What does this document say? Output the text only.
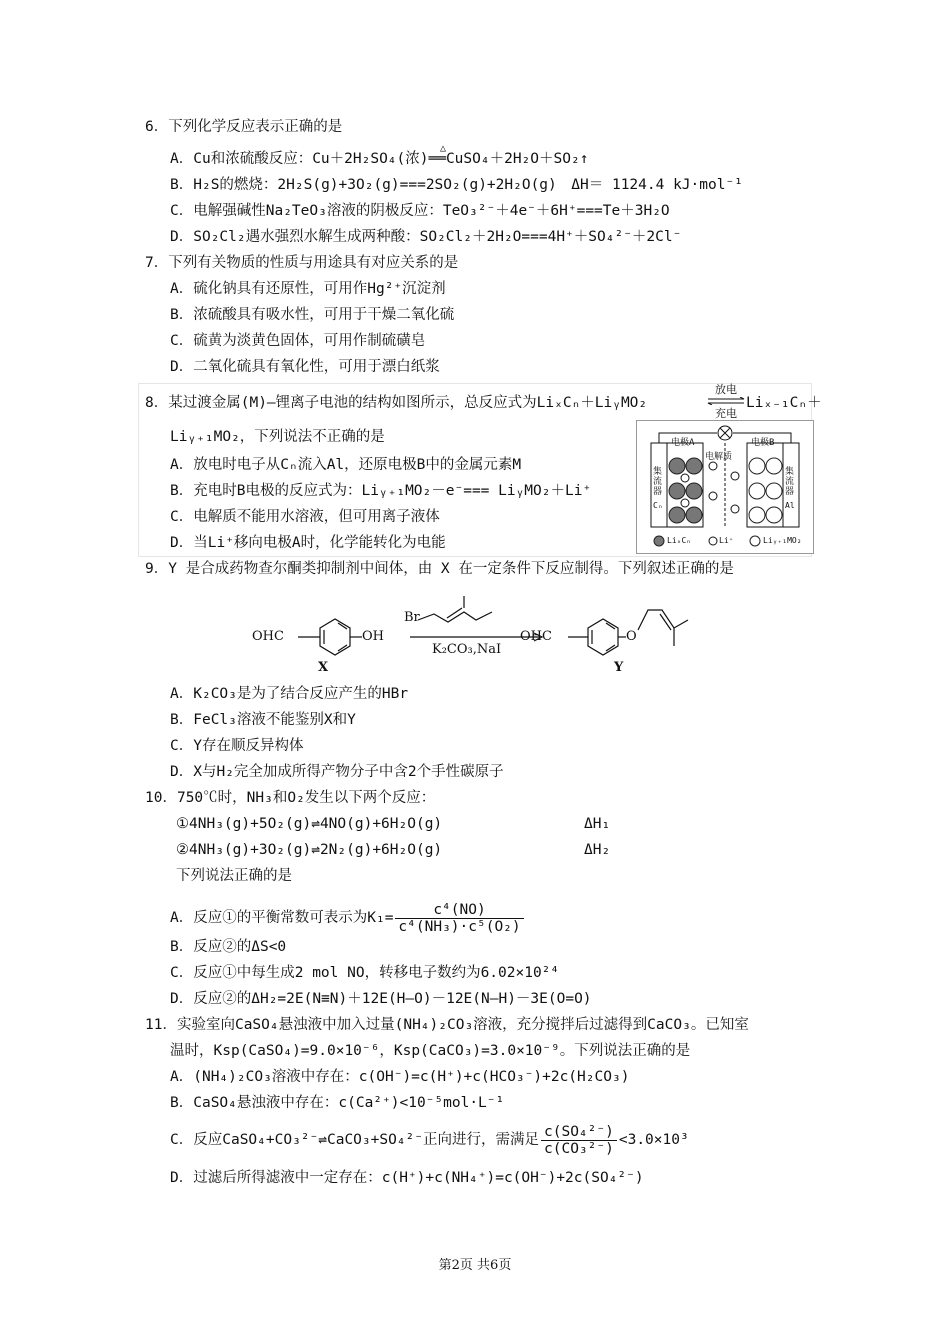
6．下列化学反应表示正确的是
A．Cu和浓硫酸反应：Cu＋2H₂SO₄(浓)══CuSO₄＋2H₂O＋SO₂↑
△
B．H₂S的燃烧：2H₂S(g)+3O₂(g)===2SO₂(g)+2H₂O(g)　ΔH＝ 1124.4 kJ·mol⁻¹
C．电解强碱性Na₂TeO₃溶液的阴极反应：TeO₃²⁻＋4e⁻＋6H⁺===Te＋3H₂O
D．SO₂Cl₂遇水强烈水解生成两种酸：SO₂Cl₂＋2H₂O===4H⁺＋SO₄²⁻＋2Cl⁻
7．下列有关物质的性质与用途具有对应关系的是
A．硫化钠具有还原性，可用作Hg²⁺沉淀剂
B．浓硫酸具有吸水性，可用于干燥二氧化硫
C．硫黄为淡黄色固体，可用作制硫磺皂
D．二氧化硫具有氧化性，可用于漂白纸浆
8．某过渡金属(M)—锂离子电池的结构如图所示，总反应式为LiₓCₙ＋LiᵧMO₂
放电
充电
Liₓ₋₁Cₙ＋
Liᵧ₊₁MO₂，下列说法不正确的是
A．放电时电子从Cₙ流入Al，还原电极B中的金属元素M
B．充电时B电极的反应式为：Liᵧ₊₁MO₂－e⁻=== LiᵧMO₂＋Li⁺
C．电解质不能用水溶液，但可用离子液体
D．当Li⁺移向电极A时，化学能转化为电能
电极A
电解质
电极B
集流器
Cₙ
集流器
Al
LiₓCₙ	Li⁺	Liᵧ₊₁MO₂
9．Y 是合成药物查尔酮类抑制剂中间体，由 X 在一定条件下反应制得。下列叙述正确的是
OHC	OH
Br
K₂CO₃,NaI
OHC	O
X	Y
A．K₂CO₃是为了结合反应产生的HBr
B．FeCl₃溶液不能鉴别X和Y
C．Y存在顺反异构体
D．X与H₂完全加成所得产物分子中含2个手性碳原子
10．750℃时，NH₃和O₂发生以下两个反应：
①4NH₃(g)+5O₂(g)⇌4NO(g)+6H₂O(g)	ΔH₁
②4NH₃(g)+3O₂(g)⇌2N₂(g)+6H₂O(g)	ΔH₂
下列说法正确的是
A．反应①的平衡常数可表示为$K_1= \frac{\text{c⁴(NO)}}{\text{c⁴(NH₃)·c⁵(O₂)}}$
B．反应②的ΔS<0
C．反应①中每生成2 mol NO，转移电子数约为6.02×10²⁴
D．反应②的ΔH₂=2E(N≡N)＋12E(H—O)－12E(N—H)－3E(O=O)
11．实验室向CaSO₄悬浊液中加入过量(NH₄)₂CO₃溶液，充分搅拌后过滤得到CaCO₃。已知室
温时，Ksp(CaSO₄)=9.0×10⁻⁶，Ksp(CaCO₃)=3.0×10⁻⁹。下列说法正确的是
A．(NH₄)₂CO₃溶液中存在：c(OH⁻)=c(H⁺)+c(HCO₃⁻)+2c(H₂CO₃)
B．CaSO₄悬浊液中存在：c(Ca²⁺)<10⁻⁵mol·L⁻¹
C．反应CaSO₄+CO₃²⁻⇌CaCO₃+SO₄²⁻正向进行，需满足 $\frac{\text{c(SO₄²⁻)}}{\text{c(CO₃²⁻)}} <3.0\times 10^3$
D．过滤后所得滤液中一定存在：c(H⁺)+c(NH₄⁺)=c(OH⁻)+2c(SO₄²⁻)
第2页 共6页
